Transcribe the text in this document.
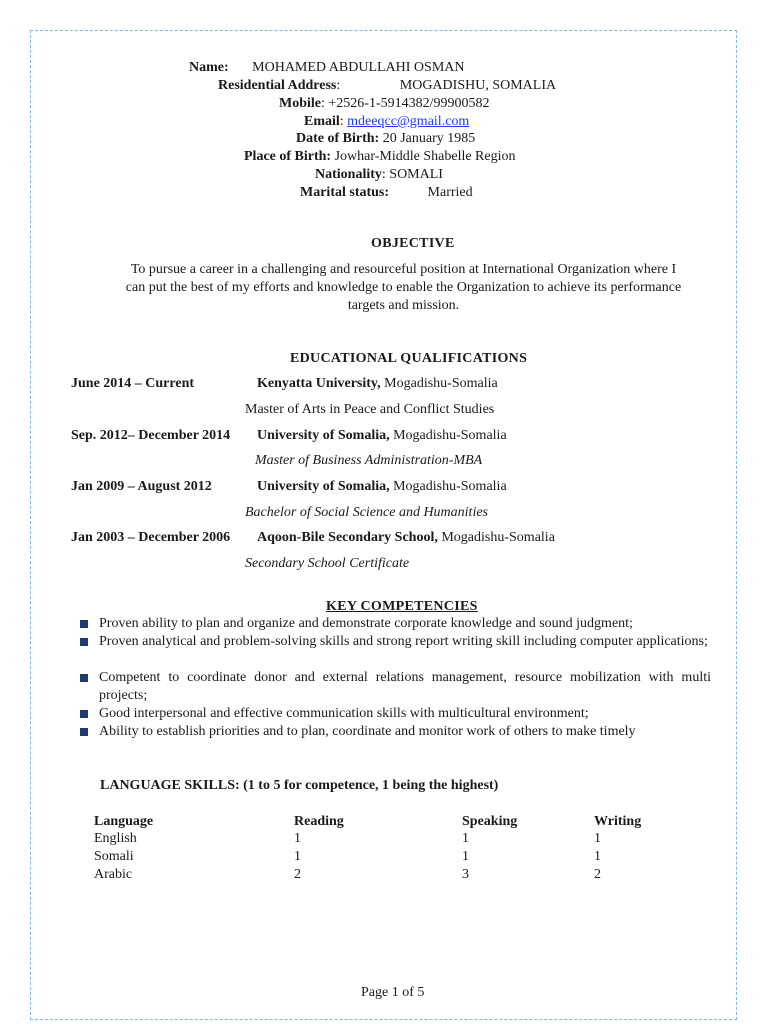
Name: MOHAMED ABDULLAHI OSMAN
Residential Address:	MOGADISHU, SOMALIA
Mobile: +2526-1-5914382/99900582
Email: mdeeqcc@gmail.com
Date of Birth: 20 January 1985
Place of Birth: Jowhar-Middle Shabelle Region
Nationality: SOMALI
Marital status:	Married
OBJECTIVE
To pursue a career in a challenging and resourceful position at International Organization where I
can put the best of my efforts and knowledge to enable the Organization to achieve its performance
targets and mission.
EDUCATIONAL QUALIFICATIONS
June 2014 – Current	Kenyatta University, Mogadishu-Somalia
Master of Arts in Peace and Conflict Studies
Sep. 2012– December 2014 University of Somalia, Mogadishu-Somalia
Master of Business Administration-MBA
Jan 2009 – August 2012	University of Somalia, Mogadishu-Somalia
Bachelor of Social Science and Humanities
Jan 2003 – December 2006 Aqoon-Bile Secondary School, Mogadishu-Somalia
Secondary School Certificate
KEY COMPETENCIES
Proven ability to plan and organize and demonstrate corporate knowledge and sound judgment;
Proven analytical and problem-solving skills and strong report writing skill including computer applications;
Competent to coordinate donor and external relations management, resource mobilization with multi projects;
Good interpersonal and effective communication skills with multicultural environment;
Ability to establish priorities and to plan, coordinate and monitor work of others to make timely
LANGUAGE SKILLS: (1 to 5 for competence, 1 being the highest)
Language	Reading	Speaking	Writing
English	1	1	1
Somali	1	1	1
Arabic	2	3	2
Page 1 of 5
